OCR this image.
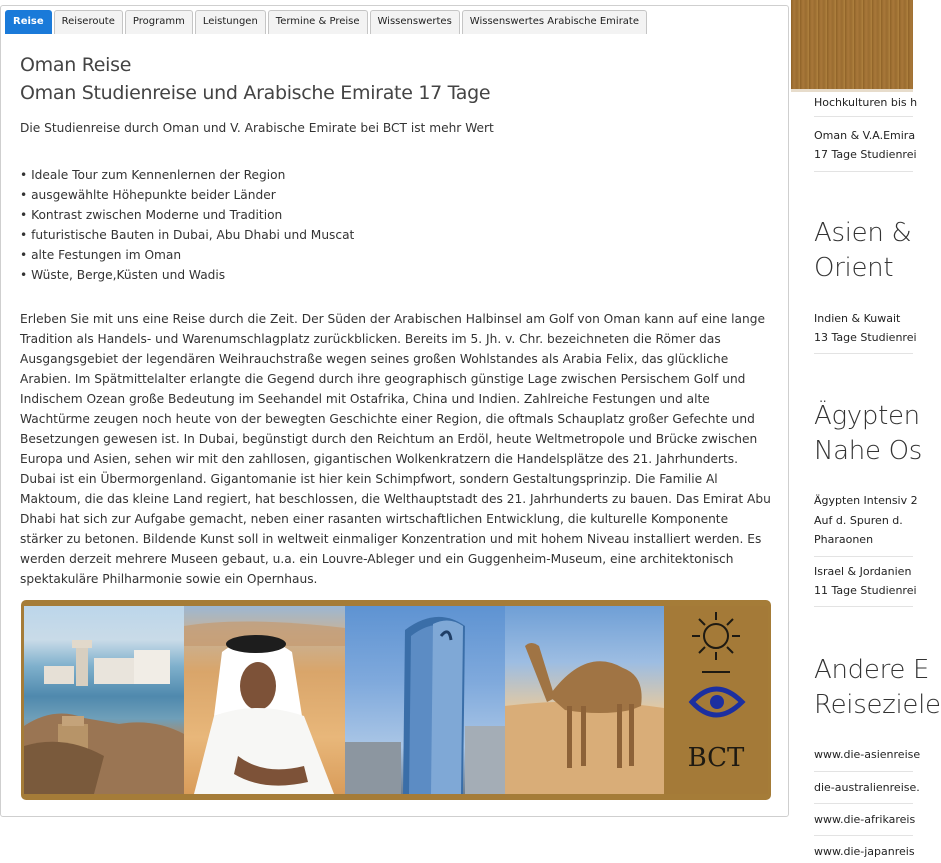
Reise	Reiseroute	Programm	Leistungen	Termine & Preise	Wissenswertes	Wissenswertes Arabische Emirate
Oman Reise
Oman Studienreise und Arabische Emirate 17 Tage

Die Studienreise durch Oman und V. Arabische Emirate bei BCT ist mehr Wert

• Ideale Tour zum Kennenlernen der Region
• ausgewählte Höhepunkte beider Länder
• Kontrast zwischen Moderne und Tradition
• futuristische Bauten in Dubai, Abu Dhabi und Muscat
• alte Festungen im Oman
• Wüste, Berge,Küsten und Wadis

Erleben Sie mit uns eine Reise durch die Zeit. Der Süden der Arabischen Halbinsel am Golf von Oman kann auf eine lange Tradition als Handels- und Warenumschlagplatz zurückblicken. Bereits im 5. Jh. v. Chr. bezeichneten die Römer das Ausgangsgebiet der legendären Weihrauchstraße wegen seines großen Wohlstandes als Arabia Felix, das glückliche Arabien. Im Spätmittelalter erlangte die Gegend durch ihre geographisch günstige Lage zwischen Persischem Golf und Indischem Ozean große Bedeutung im Seehandel mit Ostafrika, China und Indien. Zahlreiche Festungen und alte Wachtürme zeugen noch heute von der bewegten Geschichte einer Region, die oftmals Schauplatz großer Gefechte und Besetzungen gewesen ist. In Dubai, begünstigt durch den Reichtum an Erdöl, heute Weltmetropole und Brücke zwischen Europa und Asien, sehen wir mit den zahllosen, gigantischen Wolkenkratzern die Handelsplätze des 21. Jahrhunderts. Dubai ist ein Übermorgenland. Gigantomanie ist hier kein Schimpfwort, sondern Gestaltungsprinzip. Die Familie Al Maktoum, die das kleine Land regiert, hat beschlossen, die Welthauptstadt des 21. Jahrhunderts zu bauen. Das Emirat Abu Dhabi hat sich zur Aufgabe gemacht, neben einer rasanten wirtschaftlichen Entwicklung, die kulturelle Komponente stärker zu betonen. Bildende Kunst soll in weltweit einmaliger Konzentration und mit hohem Niveau installiert werden. Es werden derzeit mehrere Museen gebaut, u.a. ein Louvre-Ableger und ein Guggenheim-Museum, eine architektonisch spektakuläre Philharmonie sowie ein Opernhaus.

BCT
Hochkulturen bis h
Oman & V.A.Emira
17 Tage Studienrei
Asien &
Orient
Indien & Kuwait
13 Tage Studienrei
Ägypten
Nahe Os
Ägypten Intensiv 2
Auf d. Spuren d.
Pharaonen
Israel & Jordanien
11 Tage Studienrei
Andere E
Reiseziele
www.die-asienreise
die-australienreise.
www.die-afrikareis
www.die-japanreis
